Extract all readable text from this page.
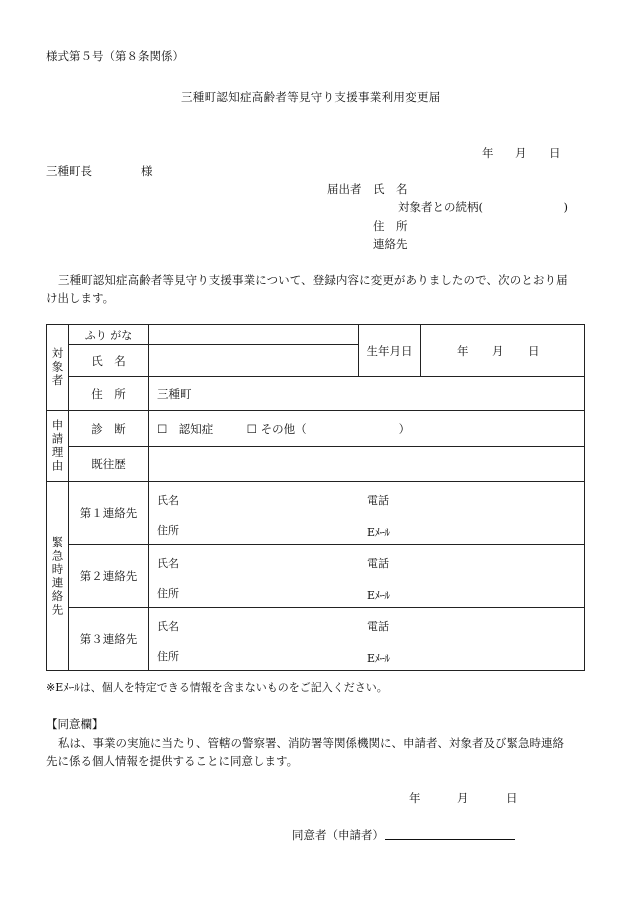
様式第５号（第８条関係）
三種町認知症高齢者等見守り支援事業利用変更届
年 月 日
三種町長	様
届出者 氏　名
対象者との続柄(　　　　　　　)
住　所
連絡先
三種町認知症高齢者等見守り支援事業について、登録内容に変更がありましたので、次のとおり届
け出します。
対象者	ふり がな		生年月日	年 月 日

	氏　名			
	住　所	三種町		

申請理由	診　断	☐　認知症 ☐ その他（　　　　　　　　）		
	既往歴			

緊急時連絡先	第１連絡先	氏名 電話
住所 Eﾒｰﾙ		

	第２連絡先	氏名 電話
住所 Eﾒｰﾙ		

	第３連絡先	氏名 電話
住所 Eﾒｰﾙ		
※Eﾒｰﾙは、個人を特定できる情報を含まないものをご記入ください。
【同意欄】
私は、事業の実施に当たり、管轄の警察署、消防署等関係機関に、申請者、対象者及び緊急時連絡
先に係る個人情報を提供することに同意します。
年	月	日
同意者（申請者）
